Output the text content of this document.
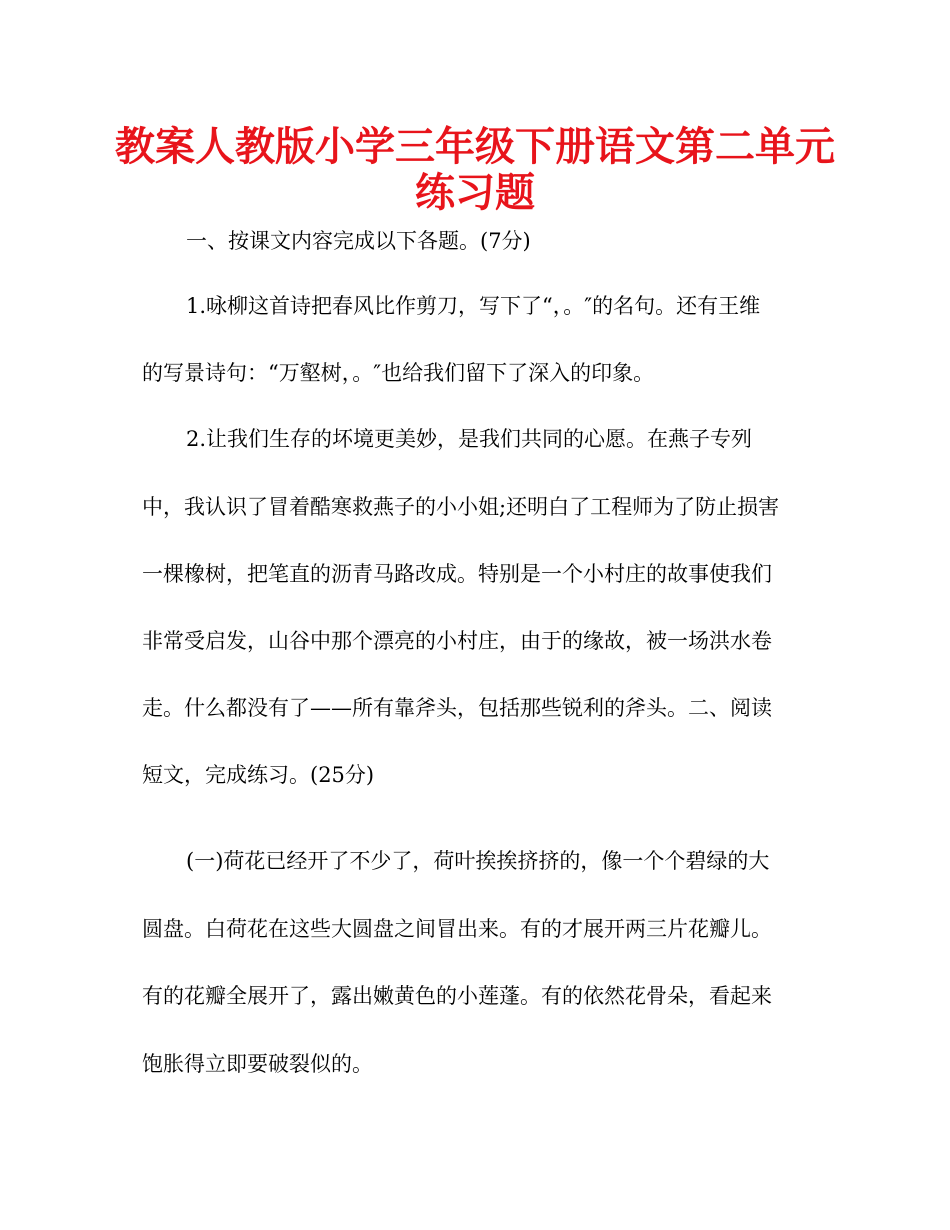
教案人教版小学三年级下册语文第二单元
练习题

一、按课文内容完成以下各题。(7分)

1.咏柳这首诗把春风比作剪刀，写下了“，。″的名句。还有王维

的写景诗句：“万壑树，。″也给我们留下了深入的印象。

2.让我们生存的坏境更美妙，是我们共同的心愿。在燕子专列

中，我认识了冒着酷寒救燕子的小小姐;还明白了工程师为了防止损害

一棵橡树，把笔直的沥青马路改成。特别是一个小村庄的故事使我们

非常受启发，山谷中那个漂亮的小村庄，由于的缘故，被一场洪水卷

走。什么都没有了——所有靠斧头，包括那些锐利的斧头。二、阅读

短文，完成练习。(25分)

(一)荷花已经开了不少了，荷叶挨挨挤挤的，像一个个碧绿的大

圆盘。白荷花在这些大圆盘之间冒出来。有的才展开两三片花瓣儿。

有的花瓣全展开了，露出嫩黄色的小莲蓬。有的依然花骨朵，看起来

饱胀得立即要破裂似的。
